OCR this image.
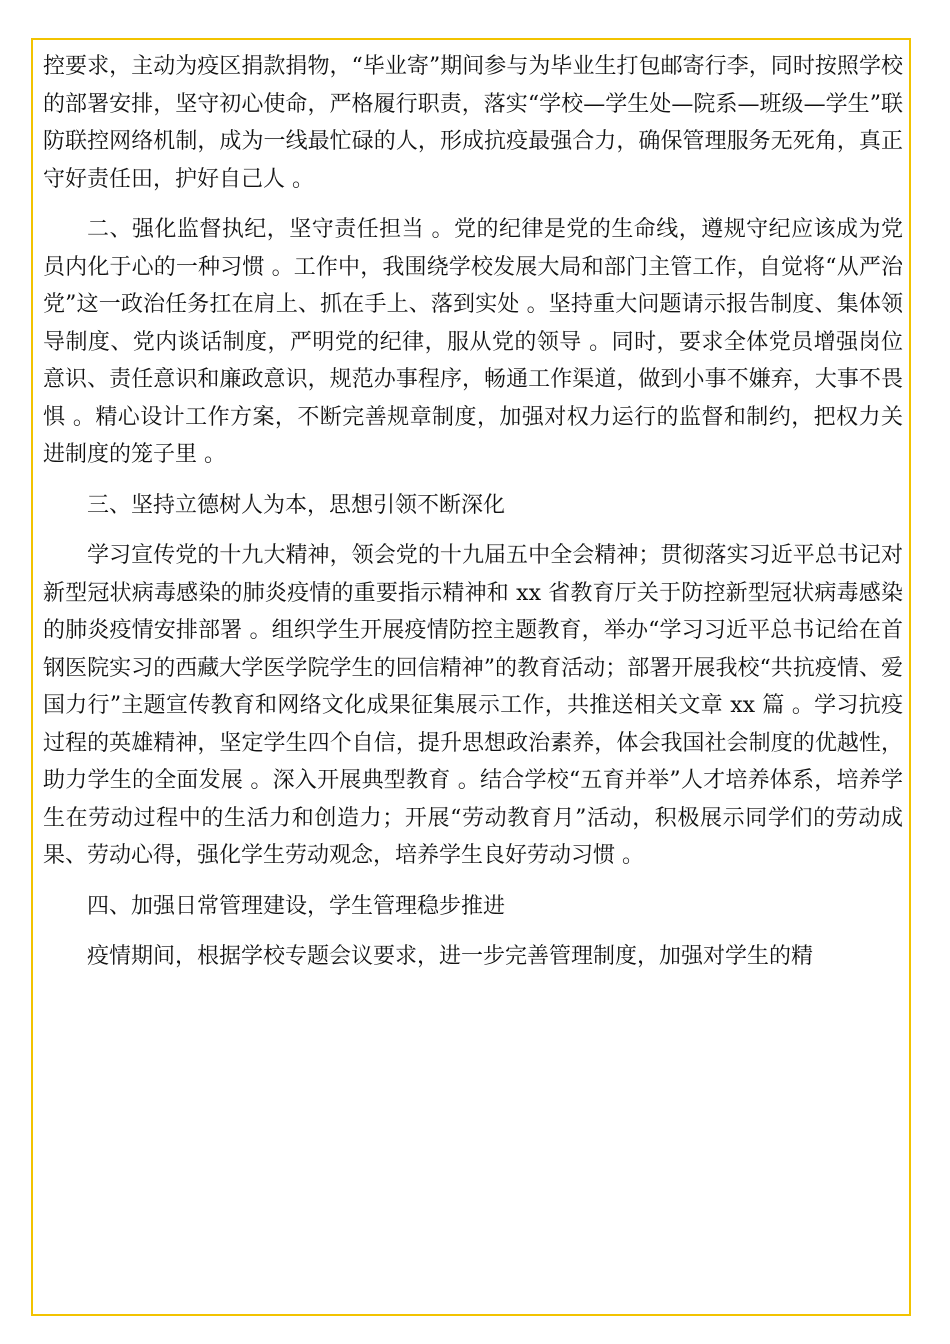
控要求，主动为疫区捐款捐物，“毕业寄”期间参与为毕业生打包邮寄行李，同时按照学校的部署安排，坚守初心使命，严格履行职责，落实“学校—学生处—院系—班级—学生”联防联控网络机制，成为一线最忙碌的人，形成抗疫最强合力，确保管理服务无死角，真正守好责任田，护好自己人 。

二、强化监督执纪，坚守责任担当 。党的纪律是党的生命线，遵规守纪应该成为党员内化于心的一种习惯 。工作中，我围绕学校发展大局和部门主管工作，自觉将“从严治党”这一政治任务扛在肩上、抓在手上、落到实处 。坚持重大问题请示报告制度、集体领导制度、党内谈话制度，严明党的纪律，服从党的领导 。同时，要求全体党员增强岗位意识、责任意识和廉政意识，规范办事程序，畅通工作渠道，做到小事不嫌弃，大事不畏惧 。精心设计工作方案，不断完善规章制度，加强对权力运行的监督和制约，把权力关进制度的笼子里 。

三、坚持立德树人为本，思想引领不断深化

学习宣传党的十九大精神，领会党的十九届五中全会精神；贯彻落实习近平总书记对新型冠状病毒感染的肺炎疫情的重要指示精神和 xx 省教育厅关于防控新型冠状病毒感染的肺炎疫情安排部署 。组织学生开展疫情防控主题教育，举办“学习习近平总书记给在首钢医院实习的西藏大学医学院学生的回信精神”的教育活动；部署开展我校“共抗疫情、爱国力行”主题宣传教育和网络文化成果征集展示工作，共推送相关文章 xx 篇 。学习抗疫过程的英雄精神，坚定学生四个自信，提升思想政治素养，体会我国社会制度的优越性，助力学生的全面发展 。深入开展典型教育 。结合学校“五育并举”人才培养体系，培养学生在劳动过程中的生活力和创造力；开展“劳动教育月”活动，积极展示同学们的劳动成果、劳动心得，强化学生劳动观念，培养学生良好劳动习惯 。

四、加强日常管理建设，学生管理稳步推进

疫情期间，根据学校专题会议要求，进一步完善管理制度，加强对学生的精
